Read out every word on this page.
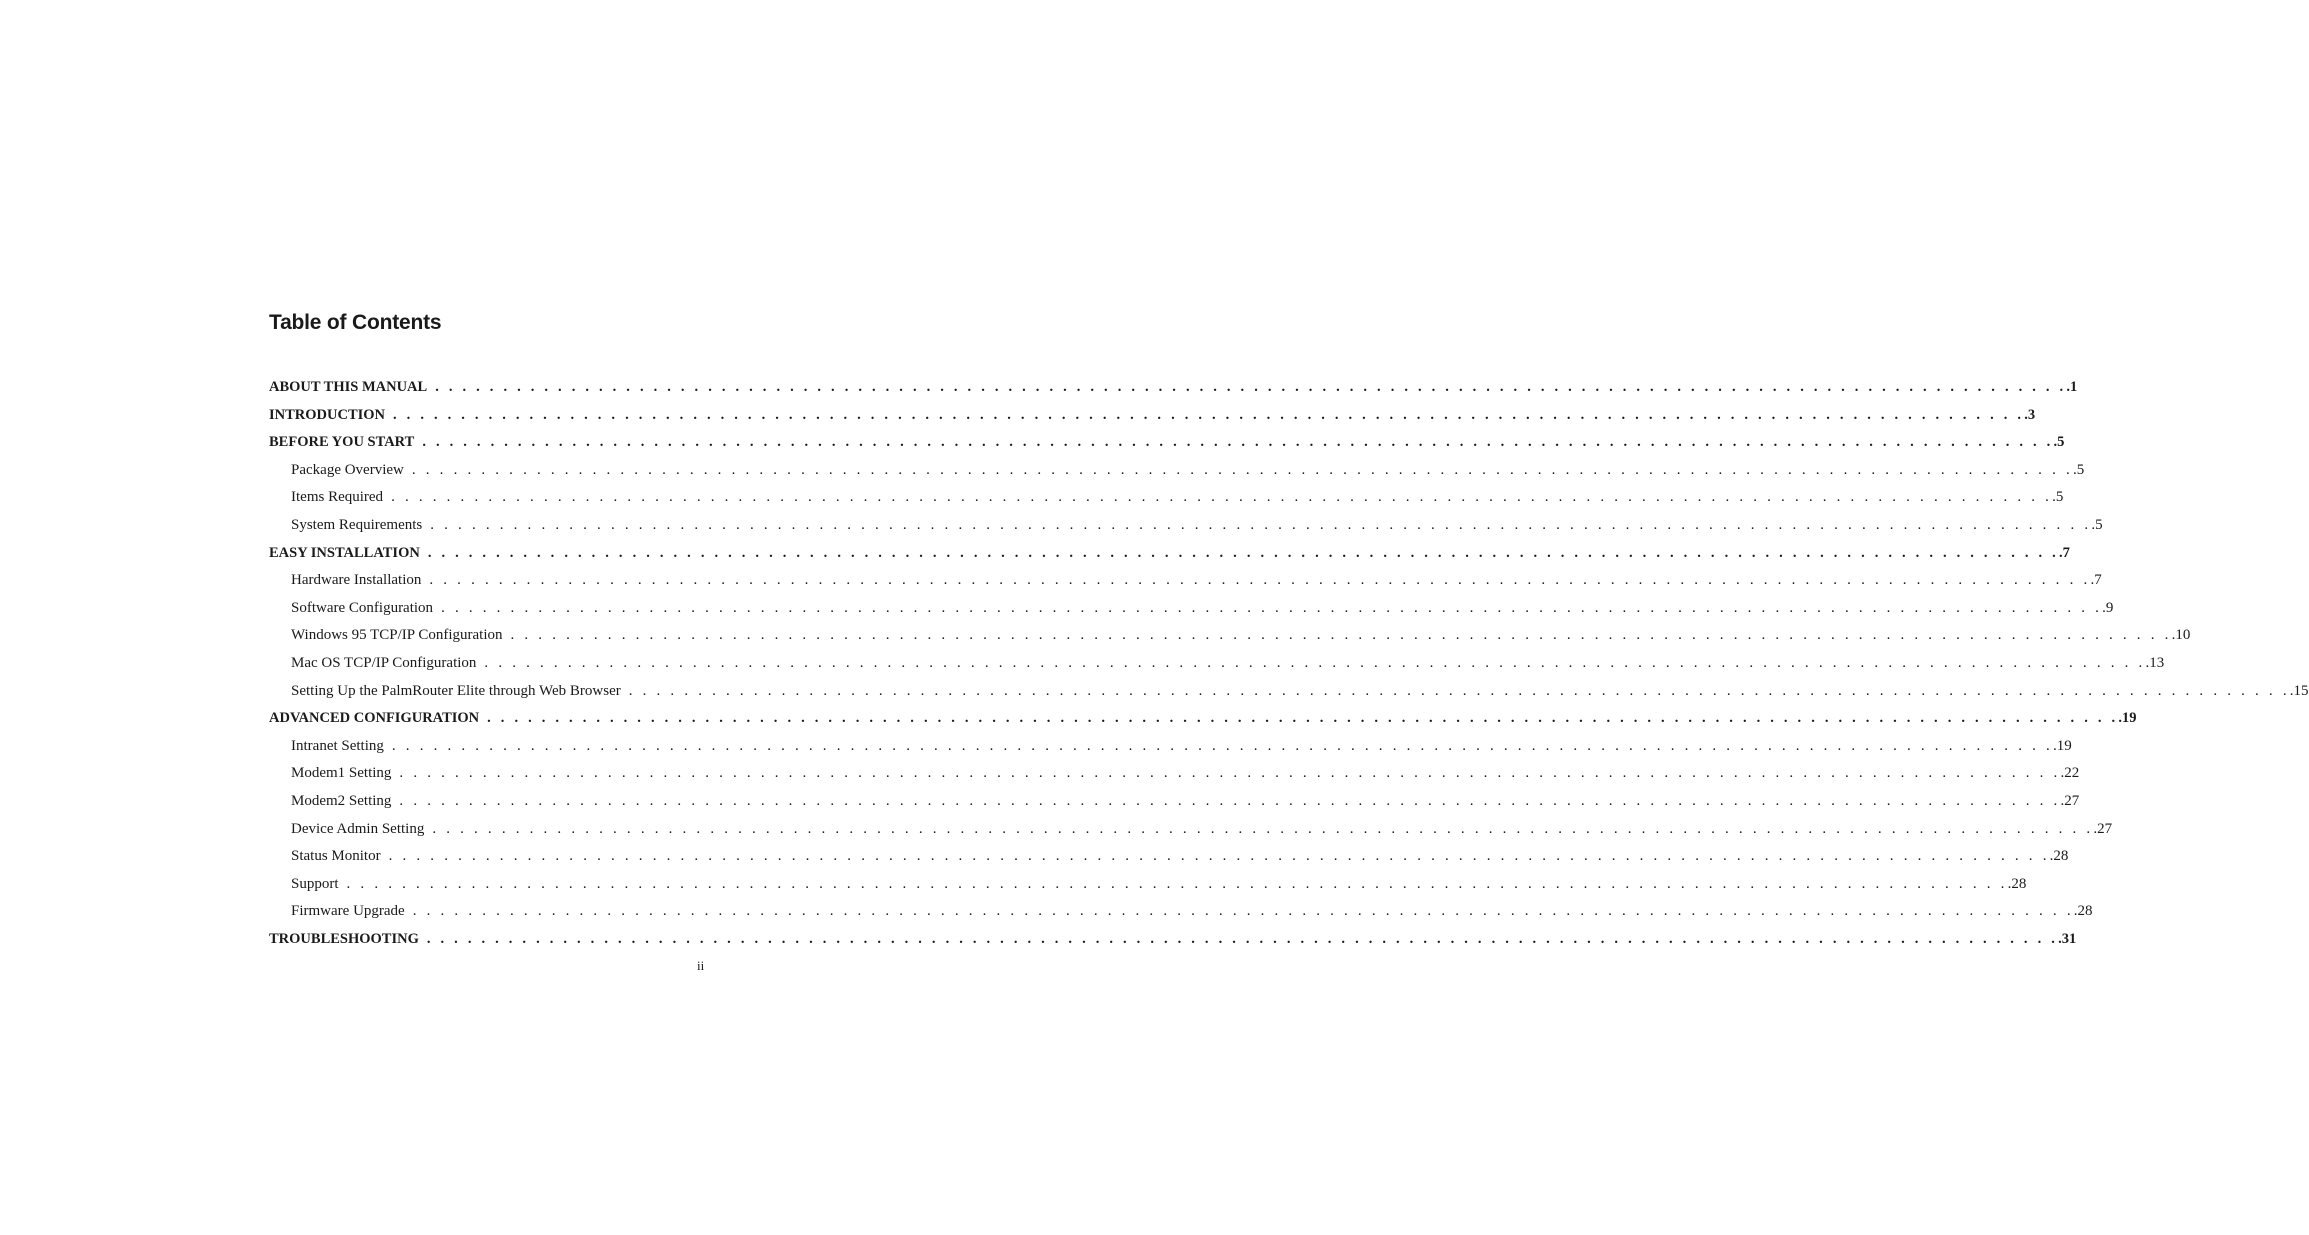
Table of Contents
ABOUT THIS MANUAL . . . . . . . . . . . . . . . . . . . . . . . . . . . . . . . . . . . . . . . . . . . . . . . . . . . . . . . . . . . . . . . . . . . . . . . . . . . . . . . . . . . . . . . . . . . . . . . . . . . . . . . . . . . . . . . . . . . . . . . . .1
INTRODUCTION . . . . . . . . . . . . . . . . . . . . . . . . . . . . . . . . . . . . . . . . . . . . . . . . . . . . . . . . . . . . . . . . . . . . . . . . . . . . . . . . . . . . . . . . . . . . . . . . . . . . . . . . . . . . . . . . . . . . . . . . .3
BEFORE YOU START . . . . . . . . . . . . . . . . . . . . . . . . . . . . . . . . . . . . . . . . . . . . . . . . . . . . . . . . . . . . . . . . . . . . . . . . . . . . . . . . . . . . . . . . . . . . . . . . . . . . . . . . . . . . . . . . . . . . . . . . .5
Package Overview . . . . . . . . . . . . . . . . . . . . . . . . . . . . . . . . . . . . . . . . . . . . . . . . . . . . . . . . . . . . . . . . . . . . . . . . . . . . . . . . . . . . . . . . . . . . . . . . . . . . . . . . . . . . . . . . . . . . . . . . .5
Items Required . . . . . . . . . . . . . . . . . . . . . . . . . . . . . . . . . . . . . . . . . . . . . . . . . . . . . . . . . . . . . . . . . . . . . . . . . . . . . . . . . . . . . . . . . . . . . . . . . . . . . . . . . . . . . . . . . . . . . . . . .5
System Requirements . . . . . . . . . . . . . . . . . . . . . . . . . . . . . . . . . . . . . . . . . . . . . . . . . . . . . . . . . . . . . . . . . . . . . . . . . . . . . . . . . . . . . . . . . . . . . . . . . . . . . . . . . . . . . . . . . . . . . . . . .5
EASY INSTALLATION . . . . . . . . . . . . . . . . . . . . . . . . . . . . . . . . . . . . . . . . . . . . . . . . . . . . . . . . . . . . . . . . . . . . . . . . . . . . . . . . . . . . . . . . . . . . . . . . . . . . . . . . . . . . . . . . . . . . . . . . .7
Hardware Installation . . . . . . . . . . . . . . . . . . . . . . . . . . . . . . . . . . . . . . . . . . . . . . . . . . . . . . . . . . . . . . . . . . . . . . . . . . . . . . . . . . . . . . . . . . . . . . . . . . . . . . . . . . . . . . . . . . . . . . . . .7
Software Configuration . . . . . . . . . . . . . . . . . . . . . . . . . . . . . . . . . . . . . . . . . . . . . . . . . . . . . . . . . . . . . . . . . . . . . . . . . . . . . . . . . . . . . . . . . . . . . . . . . . . . . . . . . . . . . . . . . . . . . . . . .9
Windows 95 TCP/IP Configuration . . . . . . . . . . . . . . . . . . . . . . . . . . . . . . . . . . . . . . . . . . . . . . . . . . . . . . . . . . . . . . . . . . . . . . . . . . . . . . . . . . . . . . . . . . . . . . . . . . . . . . . . . . . . . . . . . . . . . . . . .10
Mac OS TCP/IP Configuration . . . . . . . . . . . . . . . . . . . . . . . . . . . . . . . . . . . . . . . . . . . . . . . . . . . . . . . . . . . . . . . . . . . . . . . . . . . . . . . . . . . . . . . . . . . . . . . . . . . . . . . . . . . . . . . . . . . . . . . . .13
Setting Up the PalmRouter Elite through Web Browser . . . . . . . . . . . . . . . . . . . . . . . . . . . . . . . . . . . . . . . . . . . . . . . . . . . . . . . . . . . . . . . . . . . . . . . . . . . . . . . . . . . . . . . . . . . . . . . . . . . . . . . . . . . . . . . . . . . . . . . . .15
ADVANCED CONFIGURATION . . . . . . . . . . . . . . . . . . . . . . . . . . . . . . . . . . . . . . . . . . . . . . . . . . . . . . . . . . . . . . . . . . . . . . . . . . . . . . . . . . . . . . . . . . . . . . . . . . . . . . . . . . . . . . . . . . . . . . . . .19
Intranet Setting . . . . . . . . . . . . . . . . . . . . . . . . . . . . . . . . . . . . . . . . . . . . . . . . . . . . . . . . . . . . . . . . . . . . . . . . . . . . . . . . . . . . . . . . . . . . . . . . . . . . . . . . . . . . . . . . . . . . . . . . .19
Modem1 Setting . . . . . . . . . . . . . . . . . . . . . . . . . . . . . . . . . . . . . . . . . . . . . . . . . . . . . . . . . . . . . . . . . . . . . . . . . . . . . . . . . . . . . . . . . . . . . . . . . . . . . . . . . . . . . . . . . . . . . . . . .22
Modem2 Setting . . . . . . . . . . . . . . . . . . . . . . . . . . . . . . . . . . . . . . . . . . . . . . . . . . . . . . . . . . . . . . . . . . . . . . . . . . . . . . . . . . . . . . . . . . . . . . . . . . . . . . . . . . . . . . . . . . . . . . . . .27
Device Admin Setting . . . . . . . . . . . . . . . . . . . . . . . . . . . . . . . . . . . . . . . . . . . . . . . . . . . . . . . . . . . . . . . . . . . . . . . . . . . . . . . . . . . . . . . . . . . . . . . . . . . . . . . . . . . . . . . . . . . . . . . . .27
Status Monitor . . . . . . . . . . . . . . . . . . . . . . . . . . . . . . . . . . . . . . . . . . . . . . . . . . . . . . . . . . . . . . . . . . . . . . . . . . . . . . . . . . . . . . . . . . . . . . . . . . . . . . . . . . . . . . . . . . . . . . . . .28
Support . . . . . . . . . . . . . . . . . . . . . . . . . . . . . . . . . . . . . . . . . . . . . . . . . . . . . . . . . . . . . . . . . . . . . . . . . . . . . . . . . . . . . . . . . . . . . . . . . . . . . . . . . . . . . . . . . . . . . . . . .28
Firmware Upgrade . . . . . . . . . . . . . . . . . . . . . . . . . . . . . . . . . . . . . . . . . . . . . . . . . . . . . . . . . . . . . . . . . . . . . . . . . . . . . . . . . . . . . . . . . . . . . . . . . . . . . . . . . . . . . . . . . . . . . . . . .28
TROUBLESHOOTING . . . . . . . . . . . . . . . . . . . . . . . . . . . . . . . . . . . . . . . . . . . . . . . . . . . . . . . . . . . . . . . . . . . . . . . . . . . . . . . . . . . . . . . . . . . . . . . . . . . . . . . . . . . . . . . . . . . . . . . . .31
ii
